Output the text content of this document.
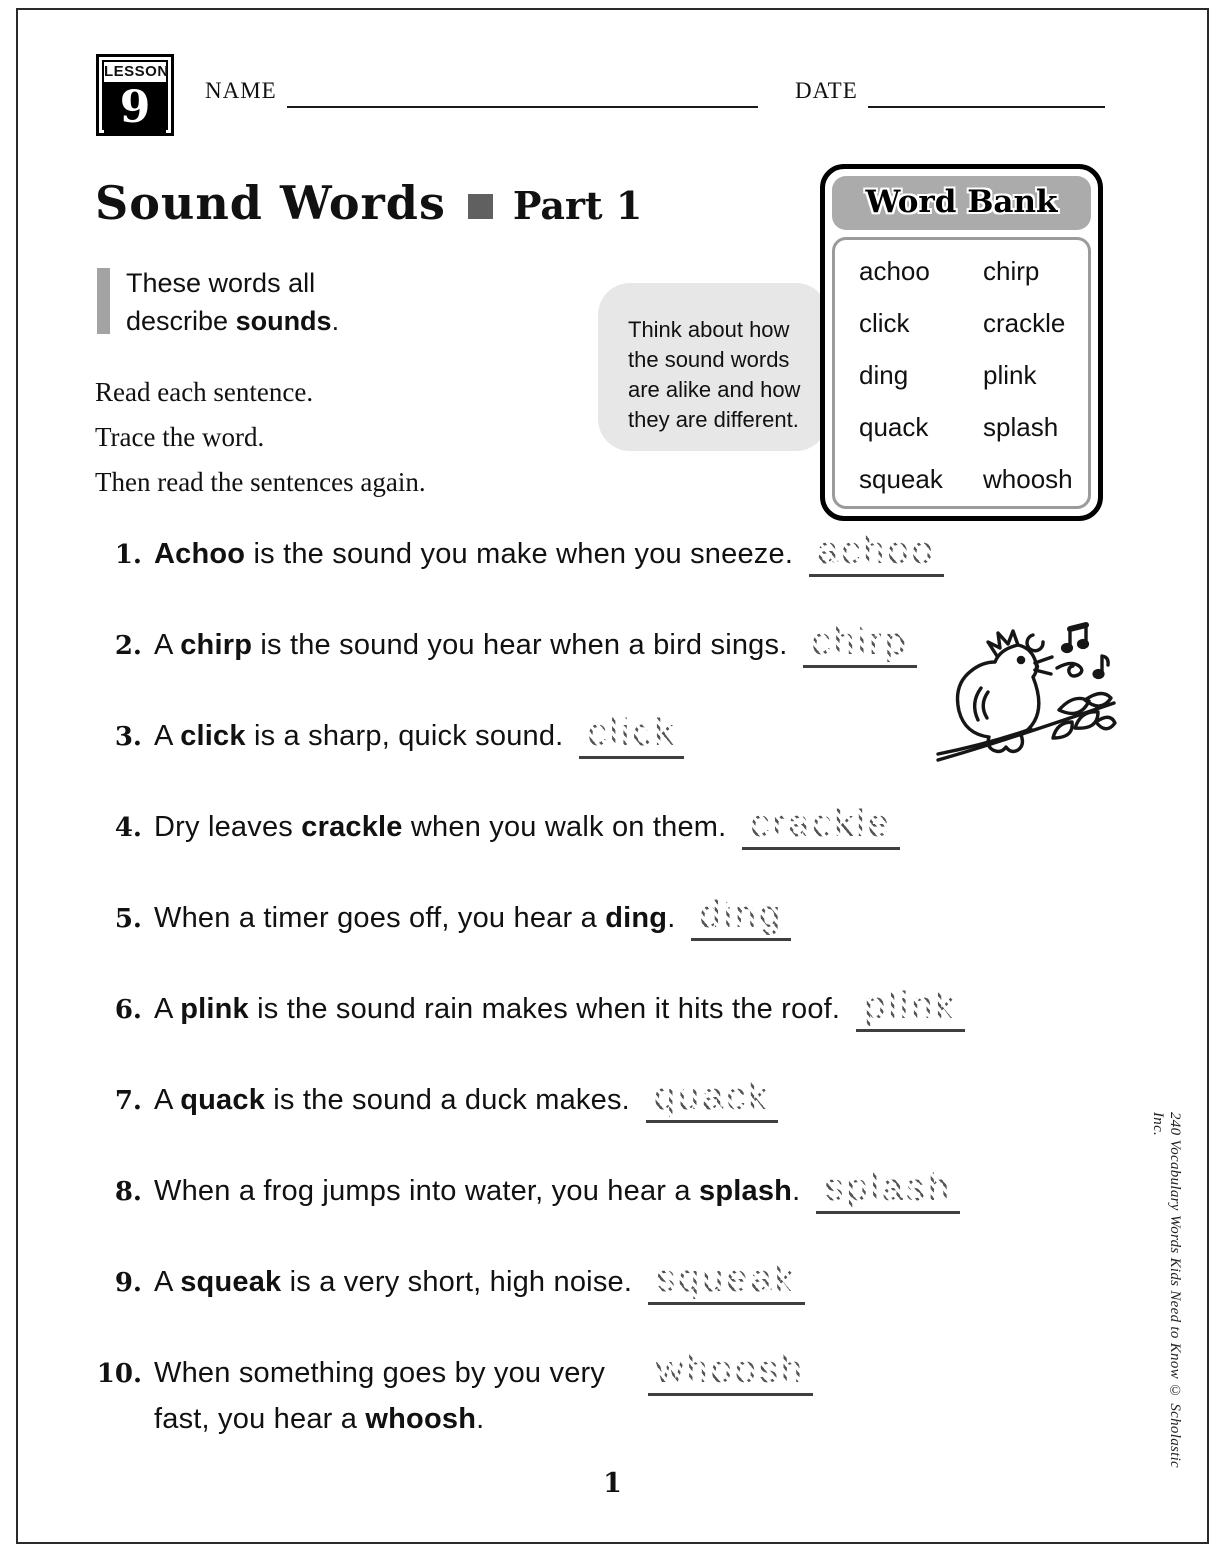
LESSON
9	NAME	DATE
Sound Words Part 1
These words all
describe sounds.
Read each sentence.
Trace the word.
Then read the sentences again.
Think about how the sound words are alike and how they are different.
Word Bank
achoo
click
ding
quack
squeak
chirp
crackle
plink
splash
whoosh
1. Achoo is the sound you make when you sneeze. achoo
2. A chirp is the sound you hear when a bird sings. chirp
3. A click is a sharp, quick sound. click
4. Dry leaves crackle when you walk on them. crackle
5. When a timer goes off, you hear a ding. ding
6. A plink is the sound rain makes when it hits the roof. plink
7. A quack is the sound a duck makes. quack
8. When a frog jumps into water, you hear a splash. splash
9. A squeak is a very short, high noise. squeak
10. When something goes by you very fast, you hear a whoosh.
whoosh
1
240 Vocabulary Words Kids Need to Know © Scholastic Inc.
